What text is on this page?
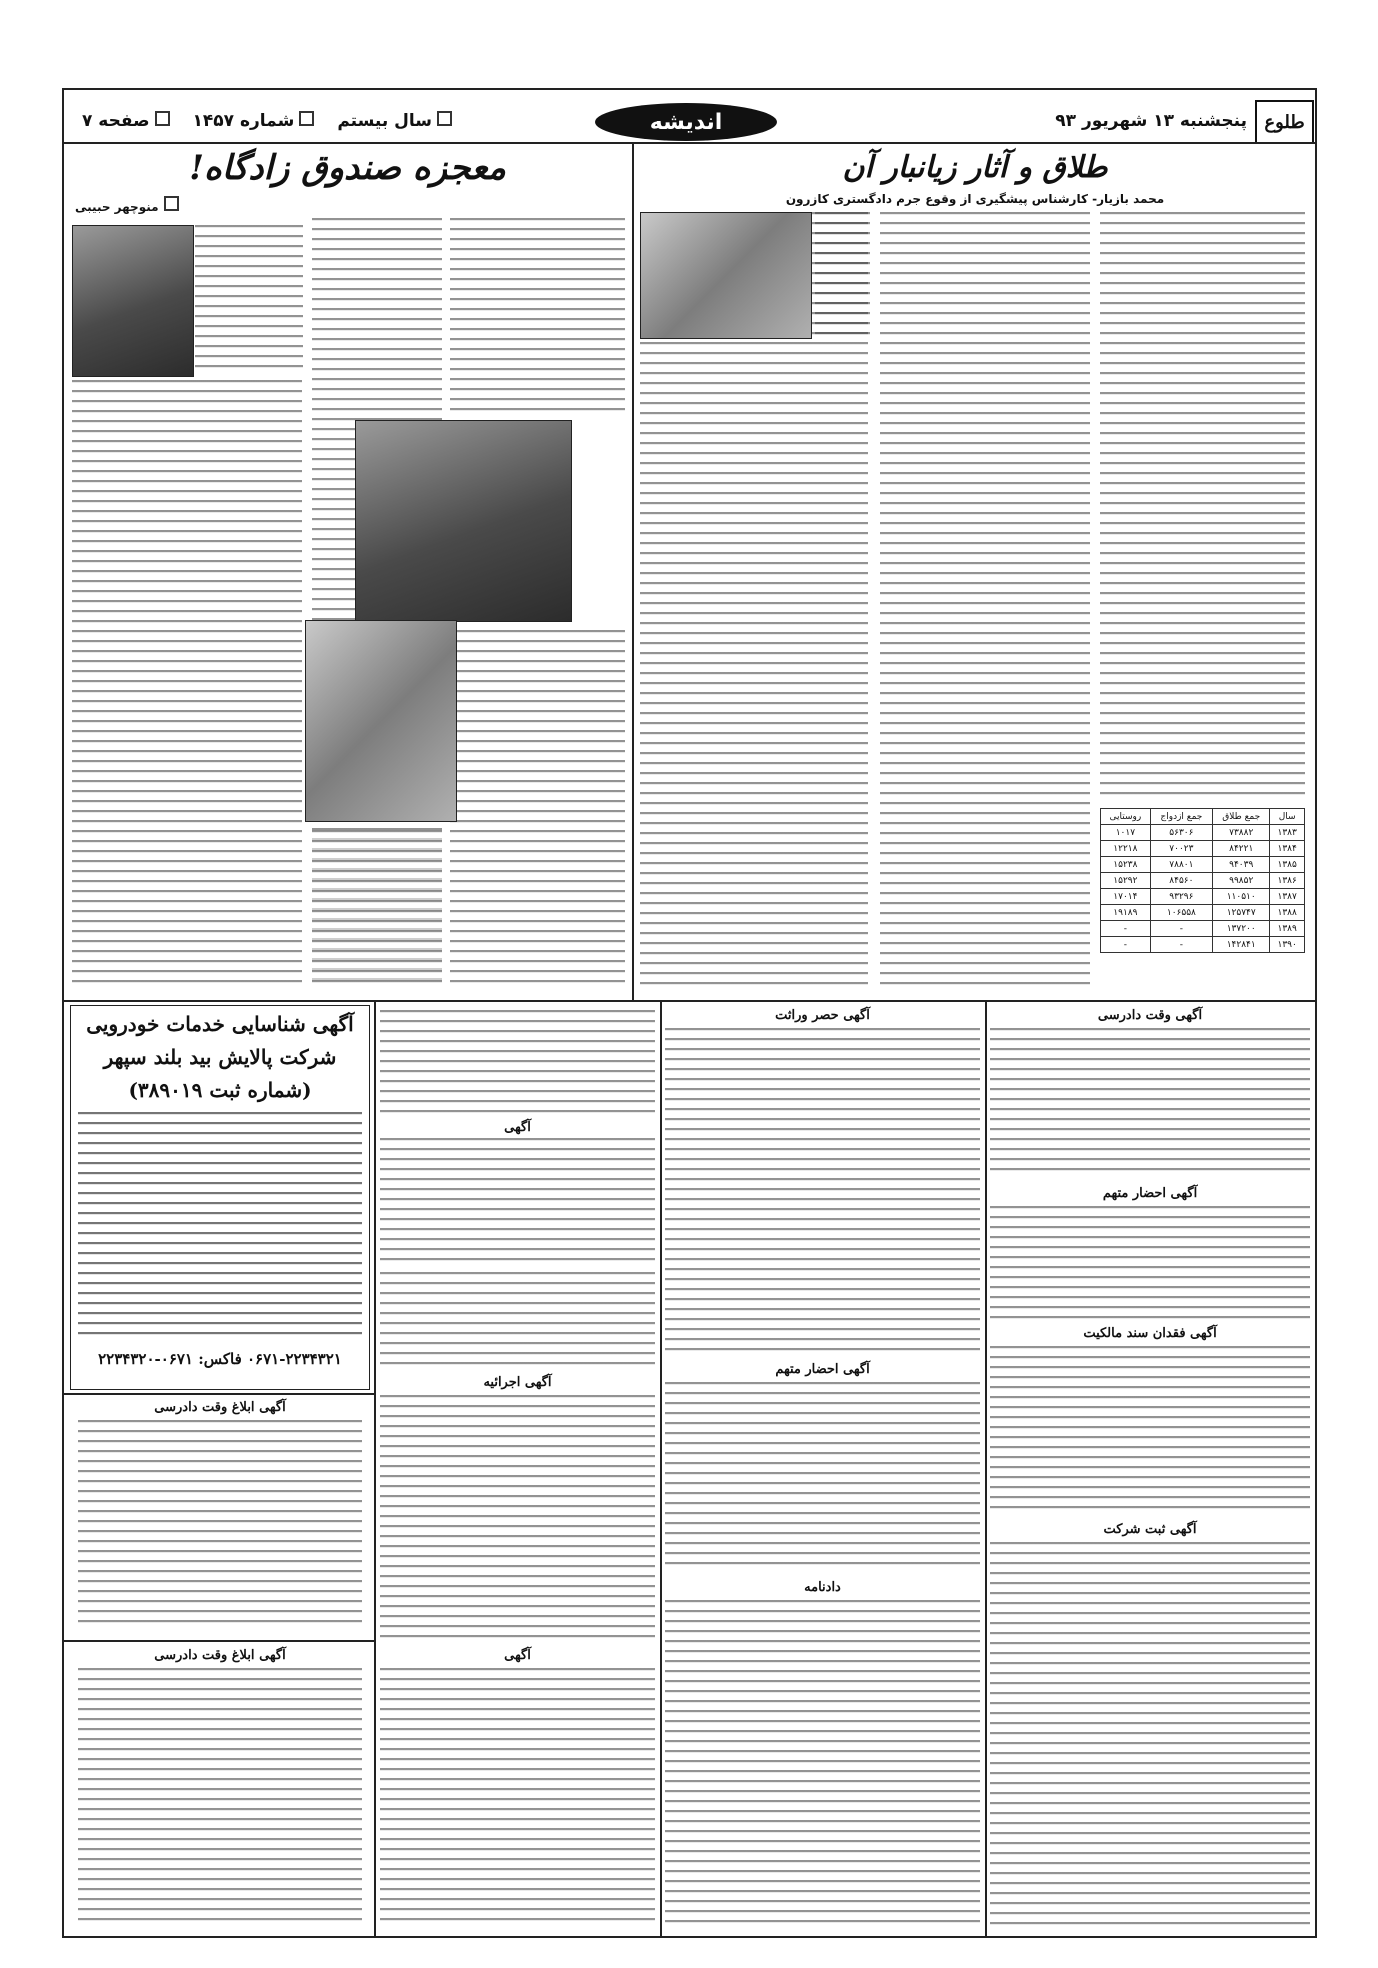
طلوع
پنجشنبه ۱۳ شهریور ۹۳
سال بیستم
شماره ۱۴۵۷
صفحه ۷	اندیشه
طلاق و آثار زیانبار آن
محمد بازیار- کارشناس پیشگیری از وقوع جرم دادگستری کازرون
سال	جمع طلاق	جمع ازدواج	روستایی
۱۳۸۳	۷۳۸۸۲	۵۶۳۰۶	۱۰۱۷
۱۳۸۴	۸۴۲۲۱	۷۰۰۲۳	۱۲۲۱۸
۱۳۸۵	۹۴۰۳۹	۷۸۸۰۱	۱۵۲۳۸
۱۳۸۶	۹۹۸۵۲	۸۴۵۶۰	۱۵۲۹۲
۱۳۸۷	۱۱۰۵۱۰	۹۳۲۹۶	۱۷۰۱۴
۱۳۸۸	۱۲۵۷۴۷	۱۰۶۵۵۸	۱۹۱۸۹
۱۳۸۹	۱۳۷۲۰۰	-	-
۱۳۹۰	۱۴۲۸۴۱	-	-
معجزه صندوق زادگاه!
منوچهر حبیبی
آگهی شناسایی خدمات خودرویی
شرکت پالایش بید بلند سپهر
(شماره ثبت ۳۸۹۰۱۹)
۰۶۷۱-۲۲۳۴۳۲۱ فاکس: ۰۶۷۱-۲۲۳۴۳۲۰
آگهی
آگهی حصر وراثت	آگهی وقت دادرسی
آگهی احضار متهم
آگهی فقدان سند مالکیت
آگهی ثبت شرکت
آگهی ابلاغ وقت دادرسی
آگهی ابلاغ وقت دادرسی
آگهی اجرائیه
آگهی
آگهی احضار متهم
دادنامه
